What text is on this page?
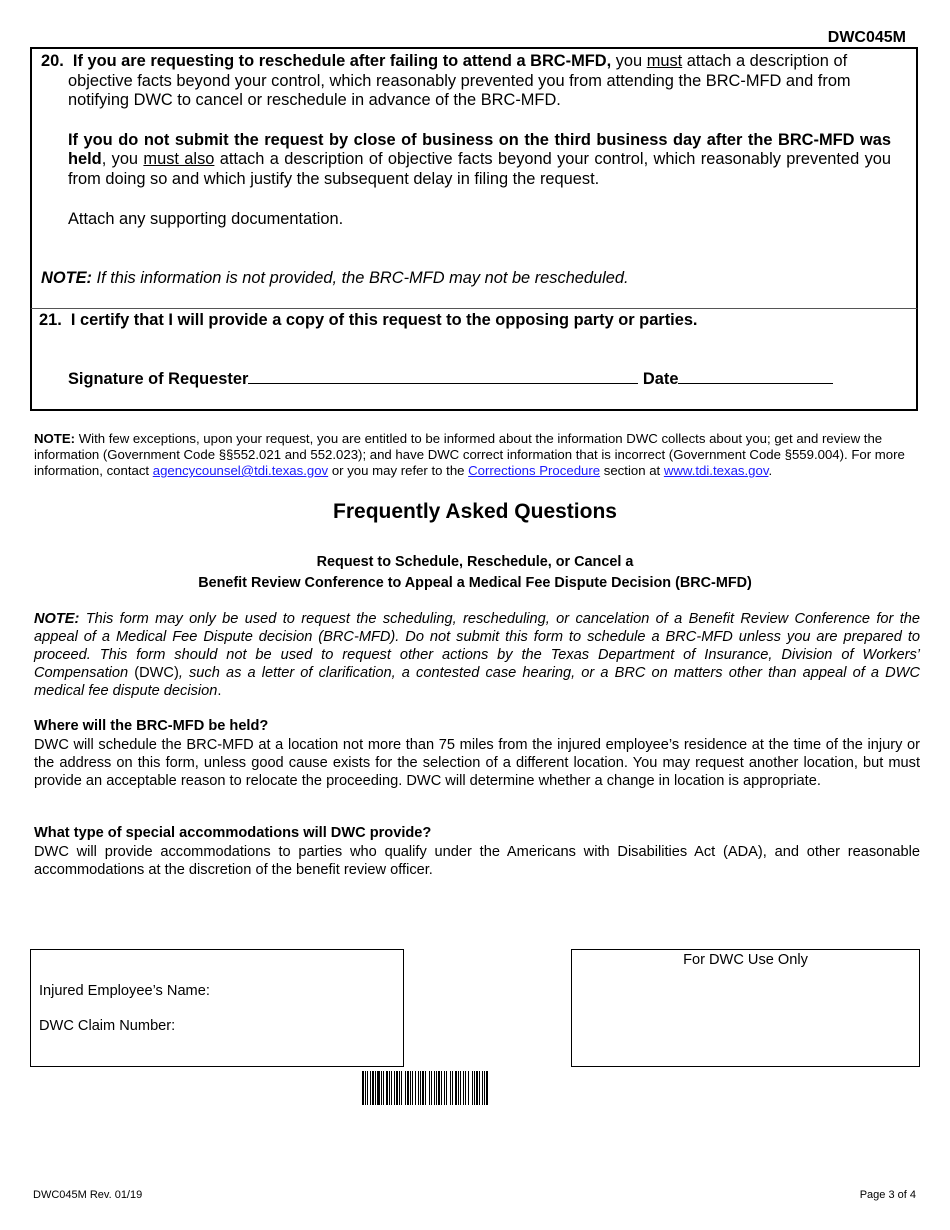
DWC045M

20. If you are requesting to reschedule after failing to attend a BRC-MFD, you must attach a description of objective facts beyond your control, which reasonably prevented you from attending the BRC-MFD and from notifying DWC to cancel or reschedule in advance of the BRC-MFD.

If you do not submit the request by close of business on the third business day after the BRC-MFD was held, you must also attach a description of objective facts beyond your control, which reasonably prevented you from doing so and which justify the subsequent delay in filing the request.

Attach any supporting documentation.

NOTE: If this information is not provided, the BRC-MFD may not be rescheduled.
21. I certify that I will provide a copy of this request to the opposing party or parties.
Signature of Requester	Date
NOTE: With few exceptions, upon your request, you are entitled to be informed about the information DWC collects about you; get and review the information (Government Code §§552.021 and 552.023); and have DWC correct information that is incorrect (Government Code §559.004). For more information, contact agencycounsel@tdi.texas.gov or you may refer to the Corrections Procedure section at www.tdi.texas.gov.
Frequently Asked Questions
Request to Schedule, Reschedule, or Cancel a
Benefit Review Conference to Appeal a Medical Fee Dispute Decision (BRC-MFD)
NOTE: This form may only be used to request the scheduling, rescheduling, or cancelation of a Benefit Review Conference for the appeal of a Medical Fee Dispute decision (BRC-MFD). Do not submit this form to schedule a BRC-MFD unless you are prepared to proceed. This form should not be used to request other actions by the Texas Department of Insurance, Division of Workers’ Compensation (DWC), such as a letter of clarification, a contested case hearing, or a BRC on matters other than appeal of a DWC medical fee dispute decision.
Where will the BRC-MFD be held?
DWC will schedule the BRC-MFD at a location not more than 75 miles from the injured employee’s residence at the time of the injury or the address on this form, unless good cause exists for the selection of a different location. You may request another location, but must provide an acceptable reason to relocate the proceeding. DWC will determine whether a change in location is appropriate.
What type of special accommodations will DWC provide?
DWC will provide accommodations to parties who qualify under the Americans with Disabilities Act (ADA), and other reasonable accommodations at the discretion of the benefit review officer.
Injured Employee’s Name:
DWC Claim Number:
For DWC Use Only
DWC045M Rev. 01/19	Page 3 of 4
